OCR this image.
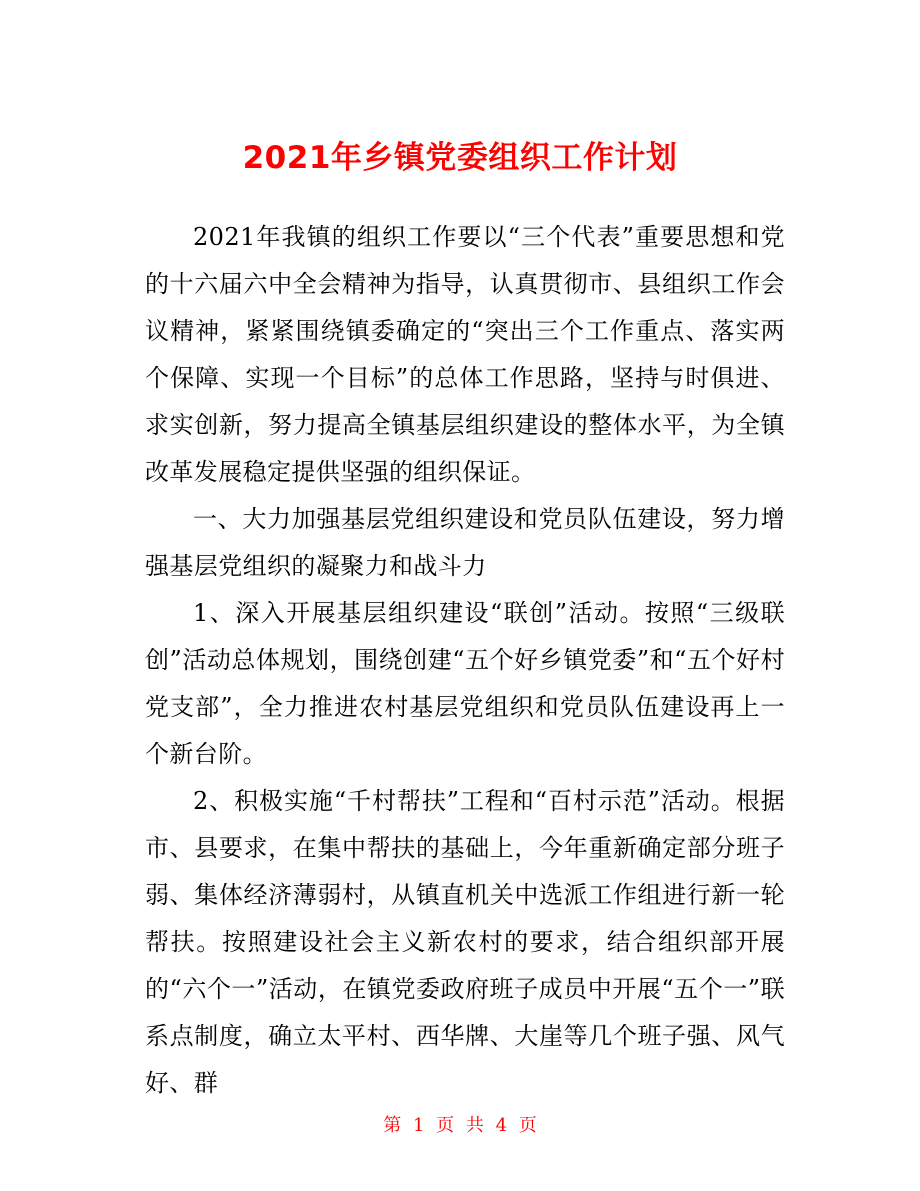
2021年乡镇党委组织工作计划

2021年我镇的组织工作要以“三个代表”重要思想和党的十六届六中全会精神为指导，认真贯彻市、县组织工作会议精神，紧紧围绕镇委确定的“突出三个工作重点、落实两个保障、实现一个目标”的总体工作思路，坚持与时俱进、求实创新，努力提高全镇基层组织建设的整体水平，为全镇改革发展稳定提供坚强的组织保证。

一、大力加强基层党组织建设和党员队伍建设，努力增强基层党组织的凝聚力和战斗力

1、深入开展基层组织建设“联创”活动。按照“三级联创”活动总体规划，围绕创建“五个好乡镇党委”和“五个好村党支部”，全力推进农村基层党组织和党员队伍建设再上一个新台阶。

2、积极实施“千村帮扶”工程和“百村示范”活动。根据市、县要求，在集中帮扶的基础上，今年重新确定部分班子弱、集体经济薄弱村，从镇直机关中选派工作组进行新一轮帮扶。按照建设社会主义新农村的要求，结合组织部开展的“六个一”活动，在镇党委政府班子成员中开展“五个一”联系点制度，确立太平村、西华牌、大崖等几个班子强、风气好、群

第 1 页 共 4 页
